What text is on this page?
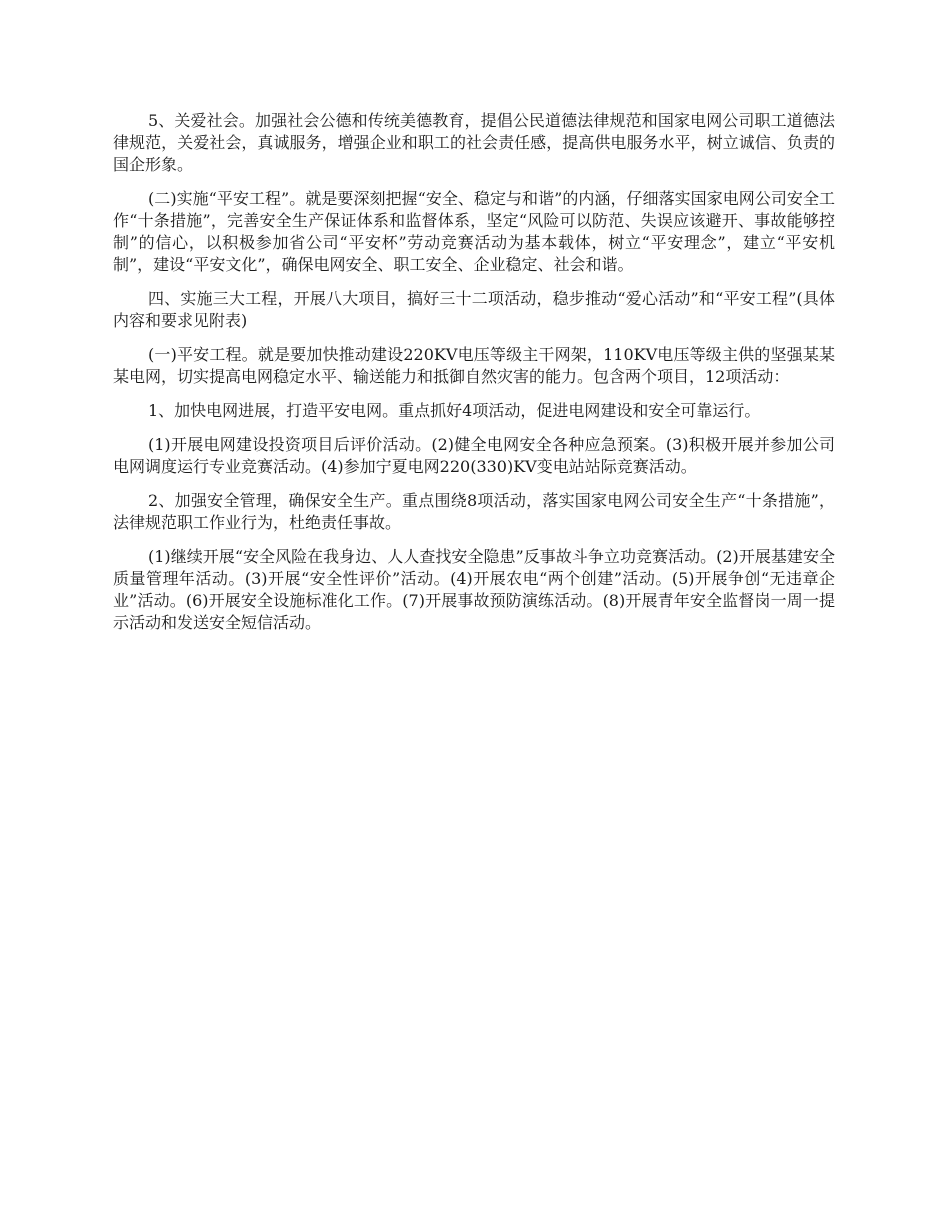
5、关爱社会。加强社会公德和传统美德教育，提倡公民道德法律规范和国家电网公司职工道德法律规范，关爱社会，真诚服务，增强企业和职工的社会责任感，提高供电服务水平，树立诚信、负责的国企形象。

(二)实施“平安工程”。就是要深刻把握“安全、稳定与和谐”的内涵，仔细落实国家电网公司安全工作“十条措施”，完善安全生产保证体系和监督体系，坚定“风险可以防范、失误应该避开、事故能够控制”的信心，以积极参加省公司“平安杯”劳动竞赛活动为基本载体，树立“平安理念”，建立“平安机制”，建设“平安文化”，确保电网安全、职工安全、企业稳定、社会和谐。

四、实施三大工程，开展八大项目，搞好三十二项活动，稳步推动“爱心活动”和“平安工程”(具体内容和要求见附表)

(一)平安工程。就是要加快推动建设220KV电压等级主干网架，110KV电压等级主供的坚强某某某电网，切实提高电网稳定水平、输送能力和抵御自然灾害的能力。包含两个项目，12项活动：

1、加快电网进展，打造平安电网。重点抓好4项活动，促进电网建设和安全可靠运行。

(1)开展电网建设投资项目后评价活动。(2)健全电网安全各种应急预案。(3)积极开展并参加公司电网调度运行专业竞赛活动。(4)参加宁夏电网220(330)KV变电站站际竞赛活动。

2、加强安全管理，确保安全生产。重点围绕8项活动，落实国家电网公司安全生产“十条措施”，法律规范职工作业行为，杜绝责任事故。

(1)继续开展“安全风险在我身边、人人查找安全隐患”反事故斗争立功竞赛活动。(2)开展基建安全质量管理年活动。(3)开展“安全性评价”活动。(4)开展农电“两个创建”活动。(5)开展争创“无违章企业”活动。(6)开展安全设施标准化工作。(7)开展事故预防演练活动。(8)开展青年安全监督岗一周一提示活动和发送安全短信活动。
